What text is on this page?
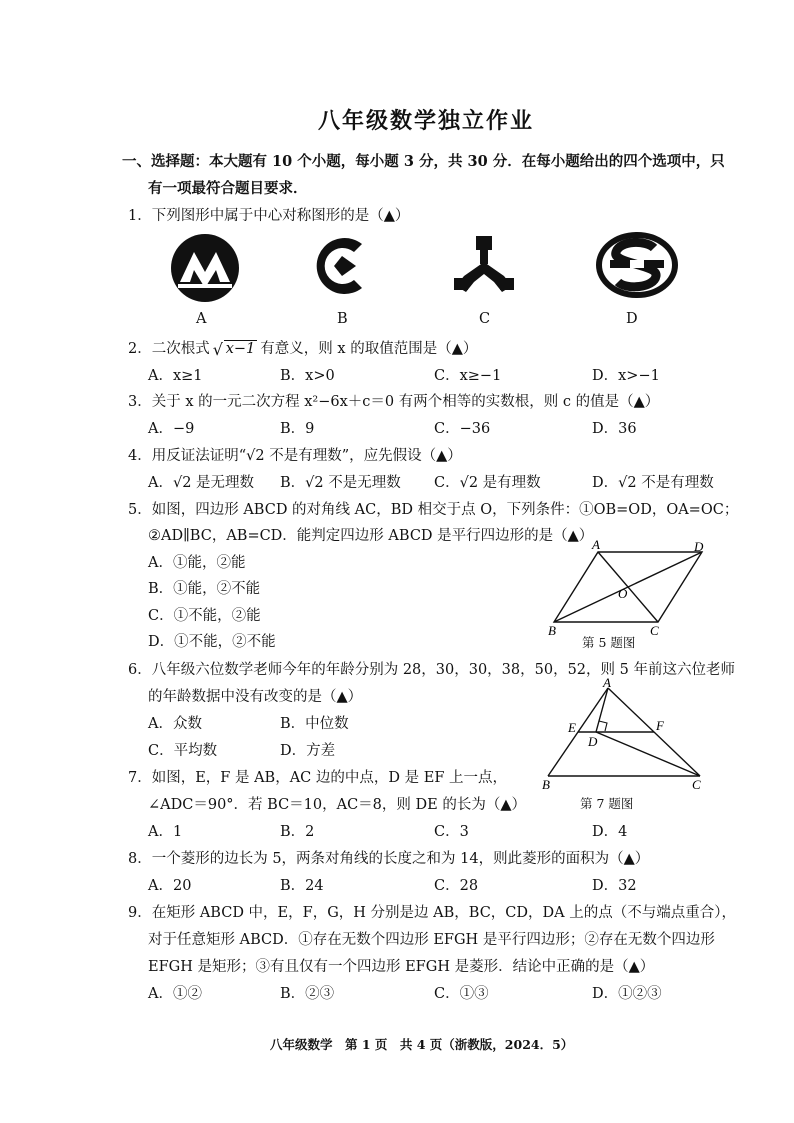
八年级数学独立作业
一、选择题：本大题有 10 个小题，每小题 3 分，共 30 分．在每小题给出的四个选项中，只
有一项最符合题目要求．
1．下列图形中属于中心对称图形的是（▲）
A	B	C	D
2．二次根式 √ x−1 有意义，则 x 的取值范围是（▲）
A．x≥1	B．x>0	C．x≥−1	D．x>−1
3．关于 x 的一元二次方程 x²−6x＋c＝0 有两个相等的实数根，则 c 的值是（▲）
A．−9	B．9	C．−36	D．36
4．用反证法证明“√2 不是有理数”，应先假设（▲）
A．√2 是无理数 B．√2 不是无理数 C．√2 是有理数	D．√2 不是有理数
5．如图，四边形 ABCD 的对角线 AC，BD 相交于点 O，下列条件：①OB=OD，OA=OC；
②AD∥BC，AB=CD．能判定四边形 ABCD 是平行四边形的是（▲）
A．①能，②能
B．①能，②不能
C．①不能，②能
D．①不能，②不能
A	D
O
B	C
第 5 题图
6．八年级六位数学老师今年的年龄分别为 28，30，30，38，50，52，则 5 年前这六位老师
的年龄数据中没有改变的是（▲）
A．众数	B．中位数
C．平均数	D．方差
A
E	F
D
B	C
第 7 题图
7．如图，E，F 是 AB，AC 边的中点，D 是 EF 上一点，
∠ADC＝90°．若 BC＝10，AC＝8，则 DE 的长为（▲）
A．1	B．2	C．3	D．4
8．一个菱形的边长为 5，两条对角线的长度之和为 14，则此菱形的面积为（▲）
A．20	B．24	C．28	D．32
9．在矩形 ABCD 中，E，F，G，H 分别是边 AB，BC，CD，DA 上的点（不与端点重合），
对于任意矩形 ABCD．①存在无数个四边形 EFGH 是平行四边形；②存在无数个四边形
EFGH 是矩形；③有且仅有一个四边形 EFGH 是菱形．结论中正确的是（▲）
A．①②	B．②③	C．①③	D．①②③
八年级数学　第 1 页　共 4 页（浙教版，2024．5）
